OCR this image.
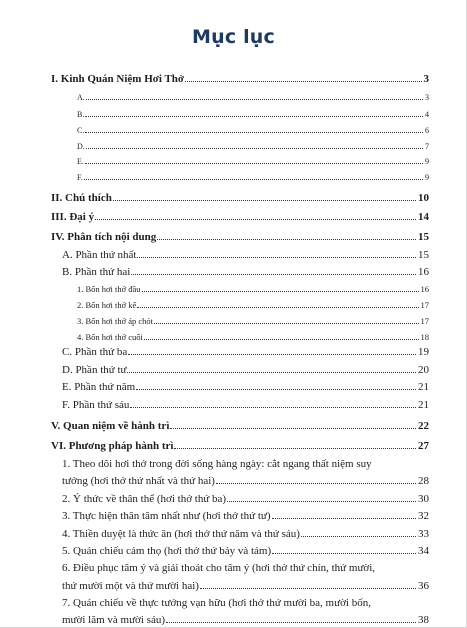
Mục lục
I. Kinh Quán Niệm Hơi Thở	3
A.	3
B.	4
C.	6
D.	7
E.	9
F.	9
II. Chú thích	10
III. Đại ý	14
IV. Phân tích nội dung	15
A. Phần thứ nhất	15
B. Phần thứ hai	16
1. Bốn hơi thở đầu	16
2. Bốn hơi thở kế	17
3. Bốn hơi thở áp chót	17
4. Bốn hơi thở cuối	18
C. Phần thứ ba	19
D. Phần thứ tư	20
E. Phần thứ năm	21
F. Phần thứ sáu	21
V. Quan niệm về hành trì	22
VI. Phương pháp hành trì	27
1. Theo dõi hơi thở trong đời sống hàng ngày: cắt ngang thất niệm suy
tưởng (hơi thở thứ nhất và thứ hai)	28
2. Ý thức về thân thể (hơi thở thứ ba)	30
3. Thực hiện thân tâm nhất như (hơi thở thứ tư)	32
4. Thiền duyệt là thức ăn (hơi thở thứ năm và thứ sáu)	33
5. Quán chiếu cảm thọ (hơi thở thứ bảy và tám)	34
6. Điều phục tâm ý và giải thoát cho tâm ý (hơi thở thứ chín, thứ mười,
thứ mười một và thứ mười hai)	36
7. Quán chiếu về thực tướng vạn hữu (hơi thở thứ mười ba, mười bốn,
mười lăm và mười sáu)	38
